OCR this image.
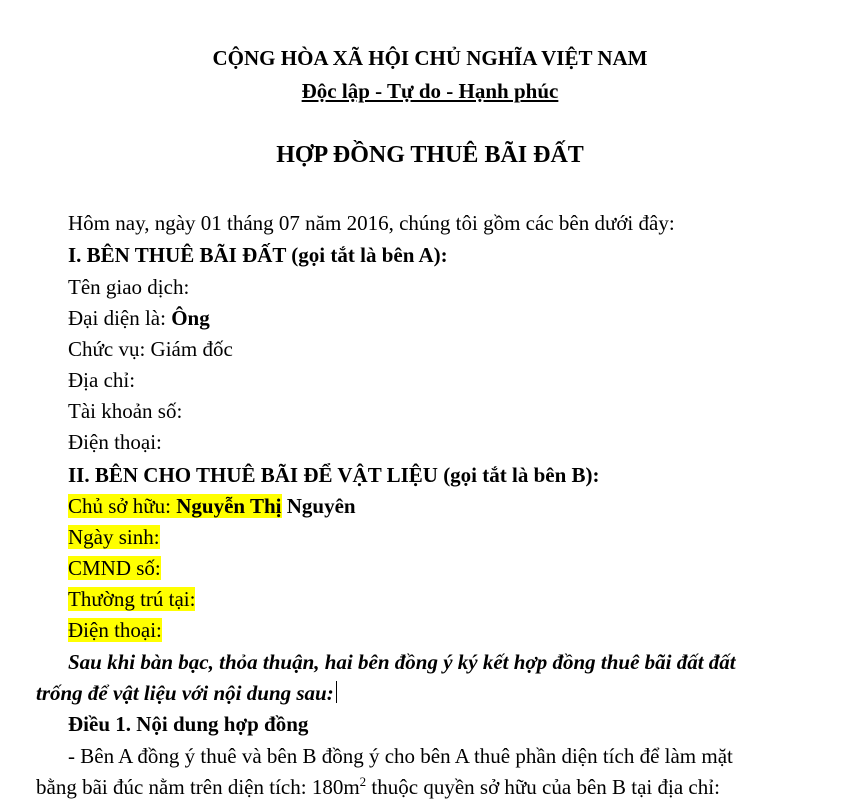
CỘNG HÒA XÃ HỘI CHỦ NGHĨA VIỆT NAM
Độc lập - Tự do - Hạnh phúc
HỢP ĐỒNG THUÊ BÃI ĐẤT
Hôm nay, ngày 01 tháng 07 năm 2016, chúng tôi gồm các bên dưới đây:
I. BÊN THUÊ BÃI ĐẤT (gọi tắt là bên A):
Tên giao dịch:
Đại diện là: Ông
Chức vụ: Giám đốc
Địa chỉ:
Tài khoản số:
Điện thoại:
II. BÊN CHO THUÊ BÃI ĐỂ VẬT LIỆU (gọi tắt là bên B):
Chủ sở hữu: Nguyễn Thị Nguyên
Ngày sinh:
CMND số:
Thường trú tại:
Điện thoại:
Sau khi bàn bạc, thỏa thuận, hai bên đồng ý ký kết hợp đồng thuê bãi đất đất
trống để vật liệu với nội dung sau:
Điều 1. Nội dung hợp đồng
- Bên A đồng ý thuê và bên B đồng ý cho bên A thuê phần diện tích để làm mặt
bằng bãi đúc nằm trên diện tích: $180m^2$ thuộc quyền sở hữu của bên B tại địa chỉ:
